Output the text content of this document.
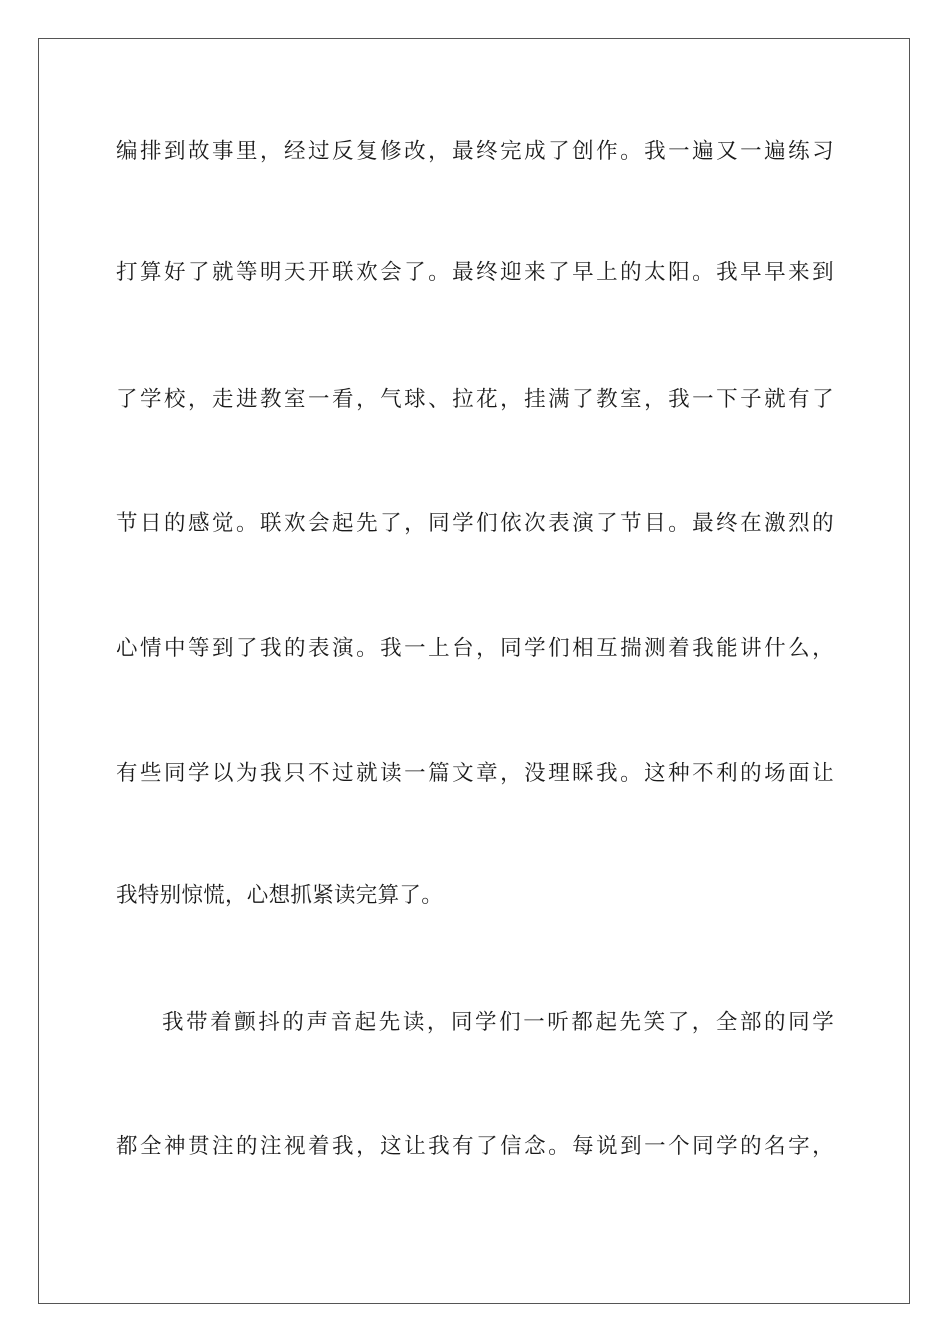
编排到故事里，经过反复修改，最终完成了创作。我一遍又一遍练习
打算好了就等明天开联欢会了。最终迎来了早上的太阳。我早早来到
了学校，走进教室一看，气球、拉花，挂满了教室，我一下子就有了
节日的感觉。联欢会起先了，同学们依次表演了节目。最终在激烈的
心情中等到了我的表演。我一上台，同学们相互揣测着我能讲什么，
有些同学以为我只不过就读一篇文章，没理睬我。这种不利的场面让
我特别惊慌，心想抓紧读完算了。
我带着颤抖的声音起先读，同学们一听都起先笑了，全部的同学
都全神贯注的注视着我，这让我有了信念。每说到一个同学的名字，
